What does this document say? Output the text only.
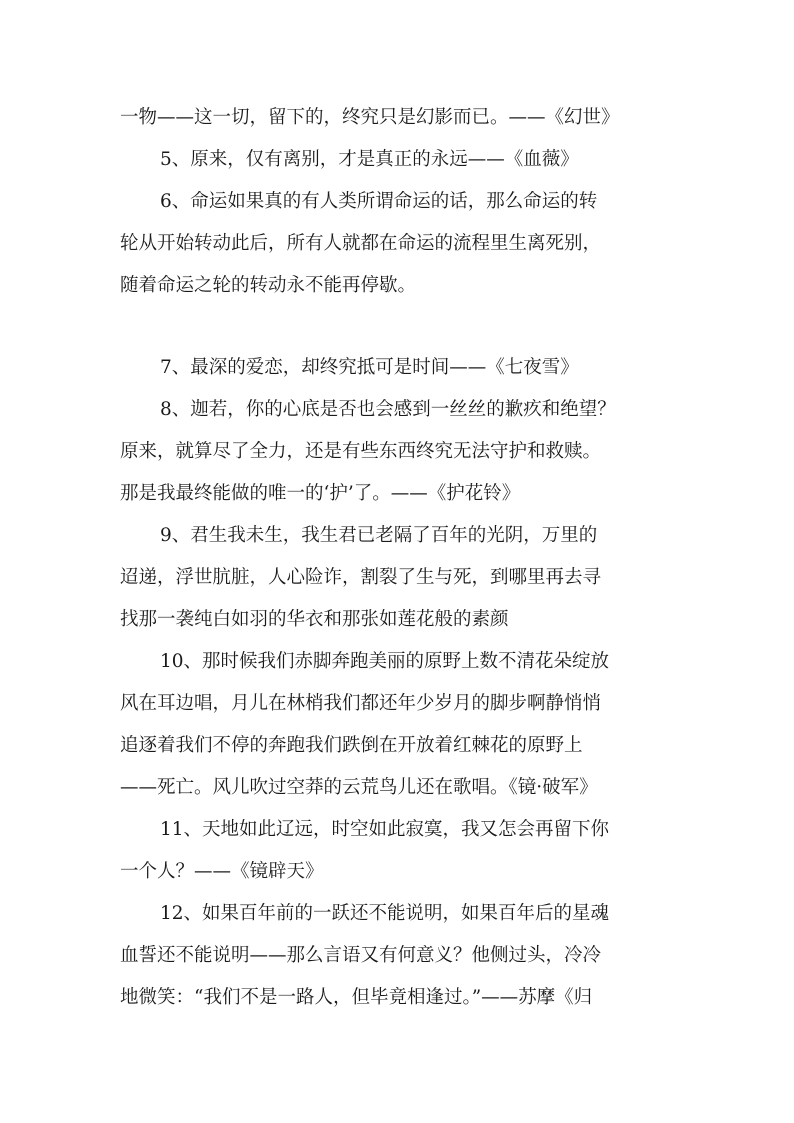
一物——这一切，留下的，终究只是幻影而已。——《幻世》
5、原来，仅有离别，才是真正的永远——《血薇》
6、命运如果真的有人类所谓命运的话，那么命运的转
轮从开始转动此后，所有人就都在命运的流程里生离死别，
随着命运之轮的转动永不能再停歇。
7、最深的爱恋，却终究抵可是时间——《七夜雪》
8、迦若，你的心底是否也会感到一丝丝的歉疚和绝望？
原来，就算尽了全力，还是有些东西终究无法守护和救赎。
那是我最终能做的唯一的‘护’了。——《护花铃》
9、君生我未生，我生君已老隔了百年的光阴，万里的
迢递，浮世肮脏，人心险诈，割裂了生与死，到哪里再去寻
找那一袭纯白如羽的华衣和那张如莲花般的素颜
10、那时候我们赤脚奔跑美丽的原野上数不清花朵绽放
风在耳边唱，月儿在林梢我们都还年少岁月的脚步啊静悄悄
追逐着我们不停的奔跑我们跌倒在开放着红棘花的原野上
——死亡。风儿吹过空莽的云荒鸟儿还在歌唱。《镜·破军》
11、天地如此辽远，时空如此寂寞，我又怎会再留下你
一个人？——《镜辟天》
12、如果百年前的一跃还不能说明，如果百年后的星魂
血誓还不能说明——那么言语又有何意义？他侧过头，冷冷
地微笑：“我们不是一路人，但毕竟相逢过。”——苏摩《归
